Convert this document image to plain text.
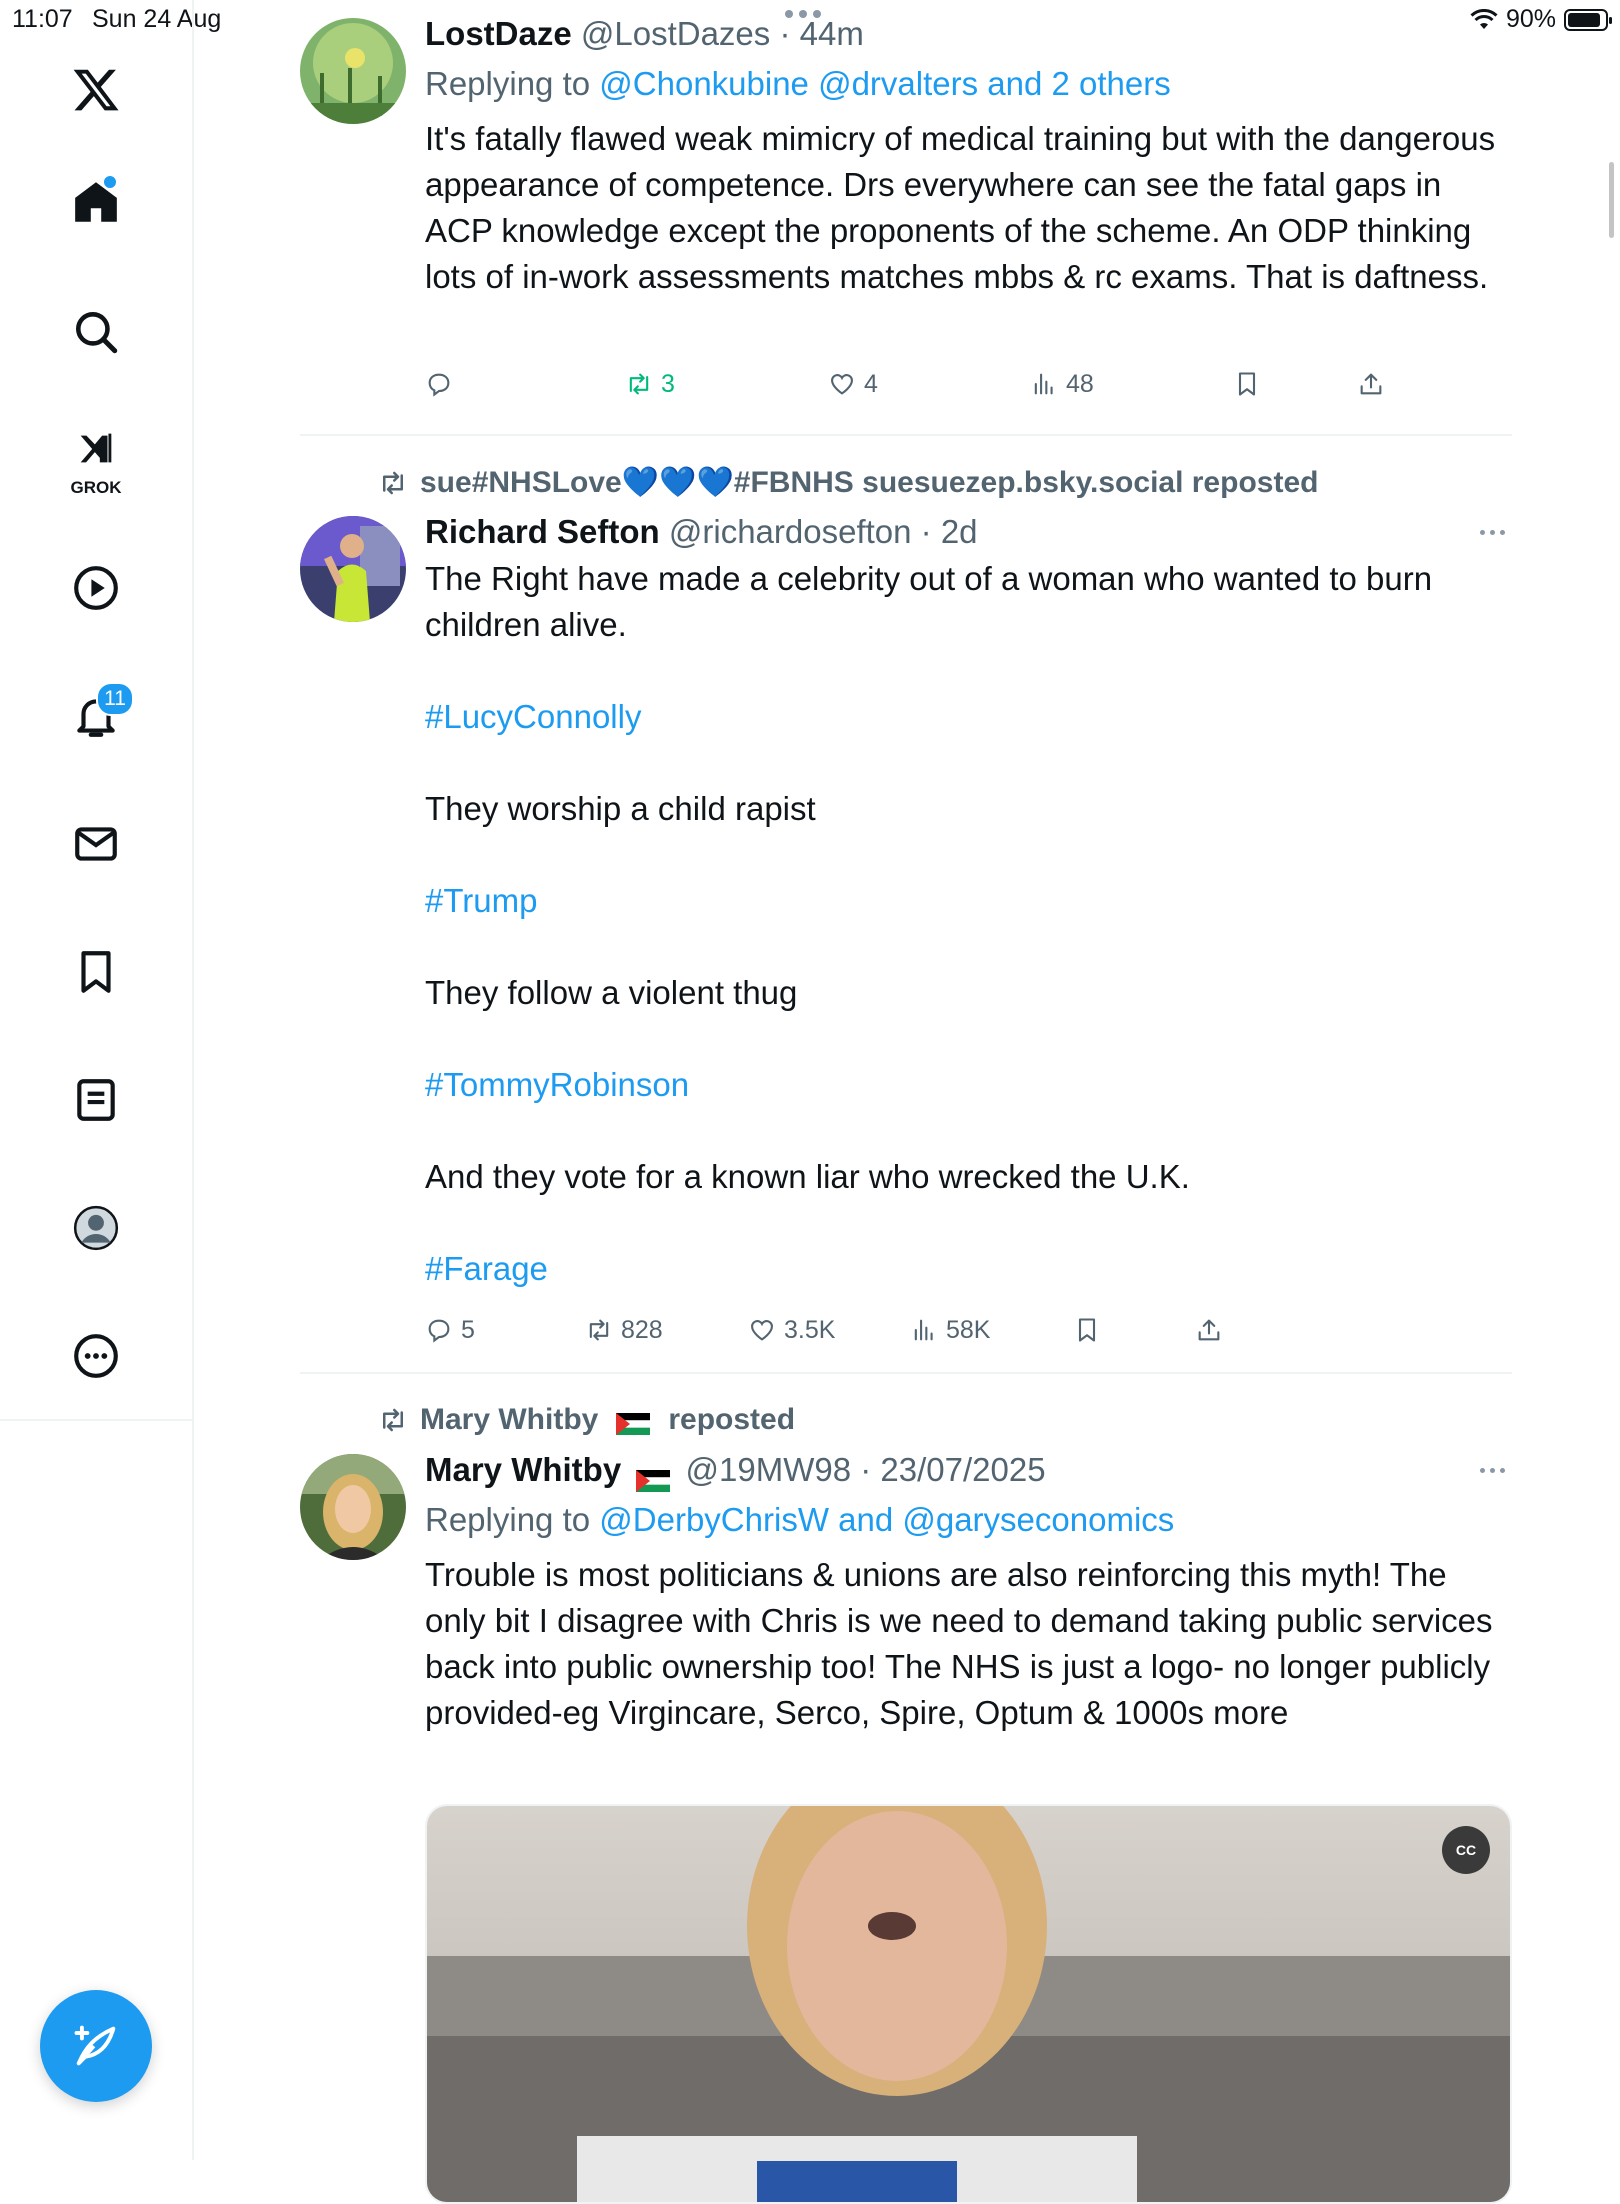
11:07 Sun 24 Aug	90%
GROK
11
LostDaze @LostDazes · 44m
Replying to @Chonkubine @drvalters and 2 others

It's fatally flawed weak mimicry of medical training but with the dangerous appearance of competence. Drs everywhere can see the fatal gaps in ACP knowledge except the proponents of the scheme. An ODP thinking lots of in-work assessments matches mbbs & rc exams. That is daftness.

3	4	48
sue#NHSLove💙💙💙#FBNHS suesuezep.bsky.social reposted
Richard Sefton @richardosefton · 2d

The Right have made a celebrity out of a woman who wanted to burn children alive.

#LucyConnolly

They worship a child rapist

#Trump

They follow a violent thug

#TommyRobinson

And they vote for a known liar who wrecked the U.K.

#Farage

5	828	3.5K	58K
Mary Whitby reposted
Mary Whitby @19MW98 · 23/07/2025
Replying to @DerbyChrisW and @garyseconomics

Trouble is most politicians & unions are also reinforcing this myth! The only bit I disagree with Chris is we need to demand taking public services back into public ownership too! The NHS is just a logo- no longer publicly provided-eg Virgincare, Serco, Spire, Optum & 1000s more

CC
